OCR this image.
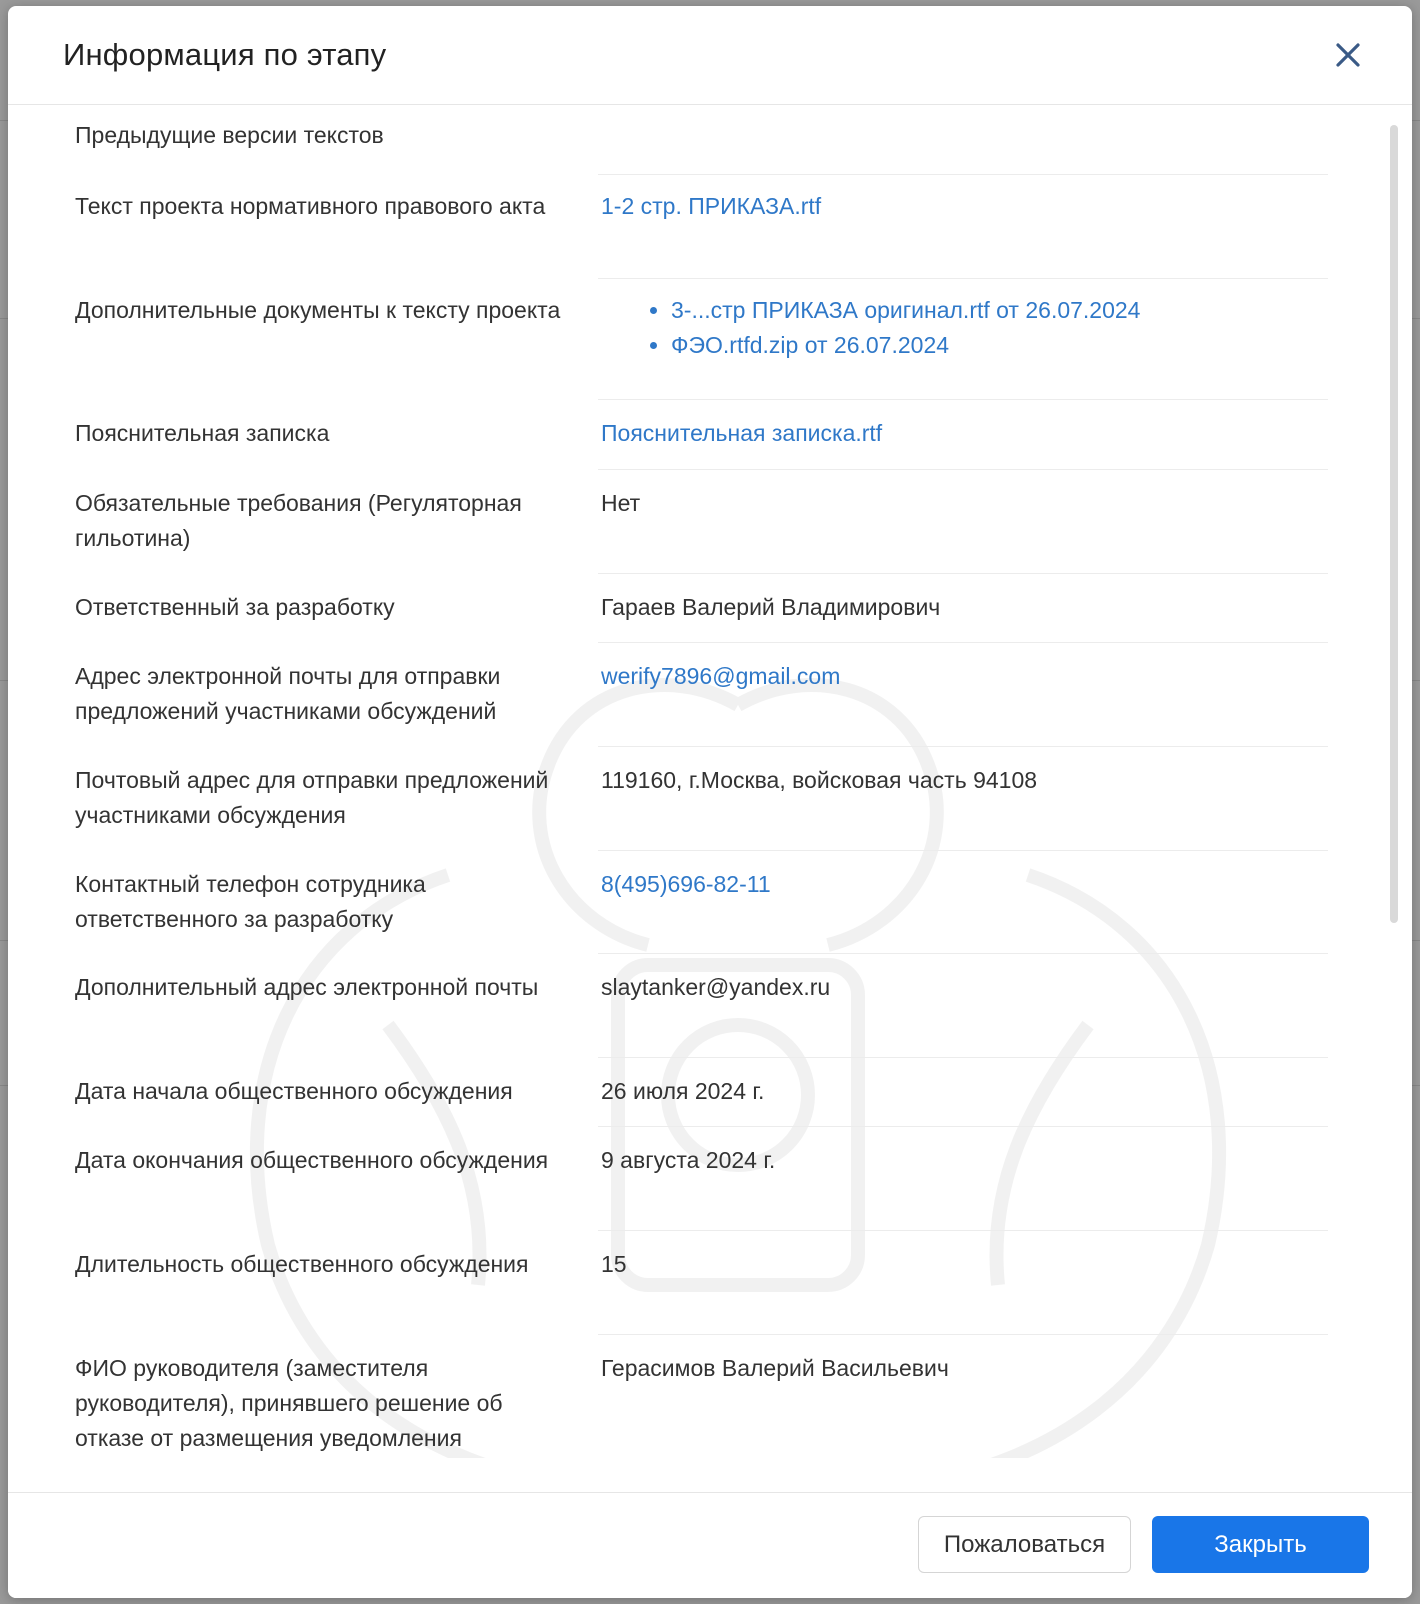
Информация по этапу
Предыдущие версии текстов
Текст проекта нормативного правового акта	1-2 стр. ПРИКАЗА.rtf
Дополнительные документы к тексту проекта
•	3-...стр ПРИКАЗА оригинал.rtf от 26.07.2024
• ФЭО.rtfd.zip от 26.07.2024
Пояснительная записка	Пояснительная записка.rtf
Обязательные требования (Регуляторная гильотина)
Нет
Ответственный за разработку	Гараев Валерий Владимирович
Адрес электронной почты для отправки предложений участниками обсуждений
werify7896@gmail.com
Почтовый адрес для отправки предложений участниками обсуждения
119160, г.Москва, войсковая часть 94108
Контактный телефон сотрудника ответственного за разработку
8(495)696-82-11
Дополнительный адрес электронной почты	slaytanker@yandex.ru
Дата начала общественного обсуждения	26 июля 2024 г.
Дата окончания общественного обсуждения	9 августа 2024 г.
Длительность общественного обсуждения	15
ФИО руководителя (заместителя руководителя), принявшего решение об отказе от размещения уведомления
Герасимов Валерий Васильевич
Пожаловаться	Закрыть
